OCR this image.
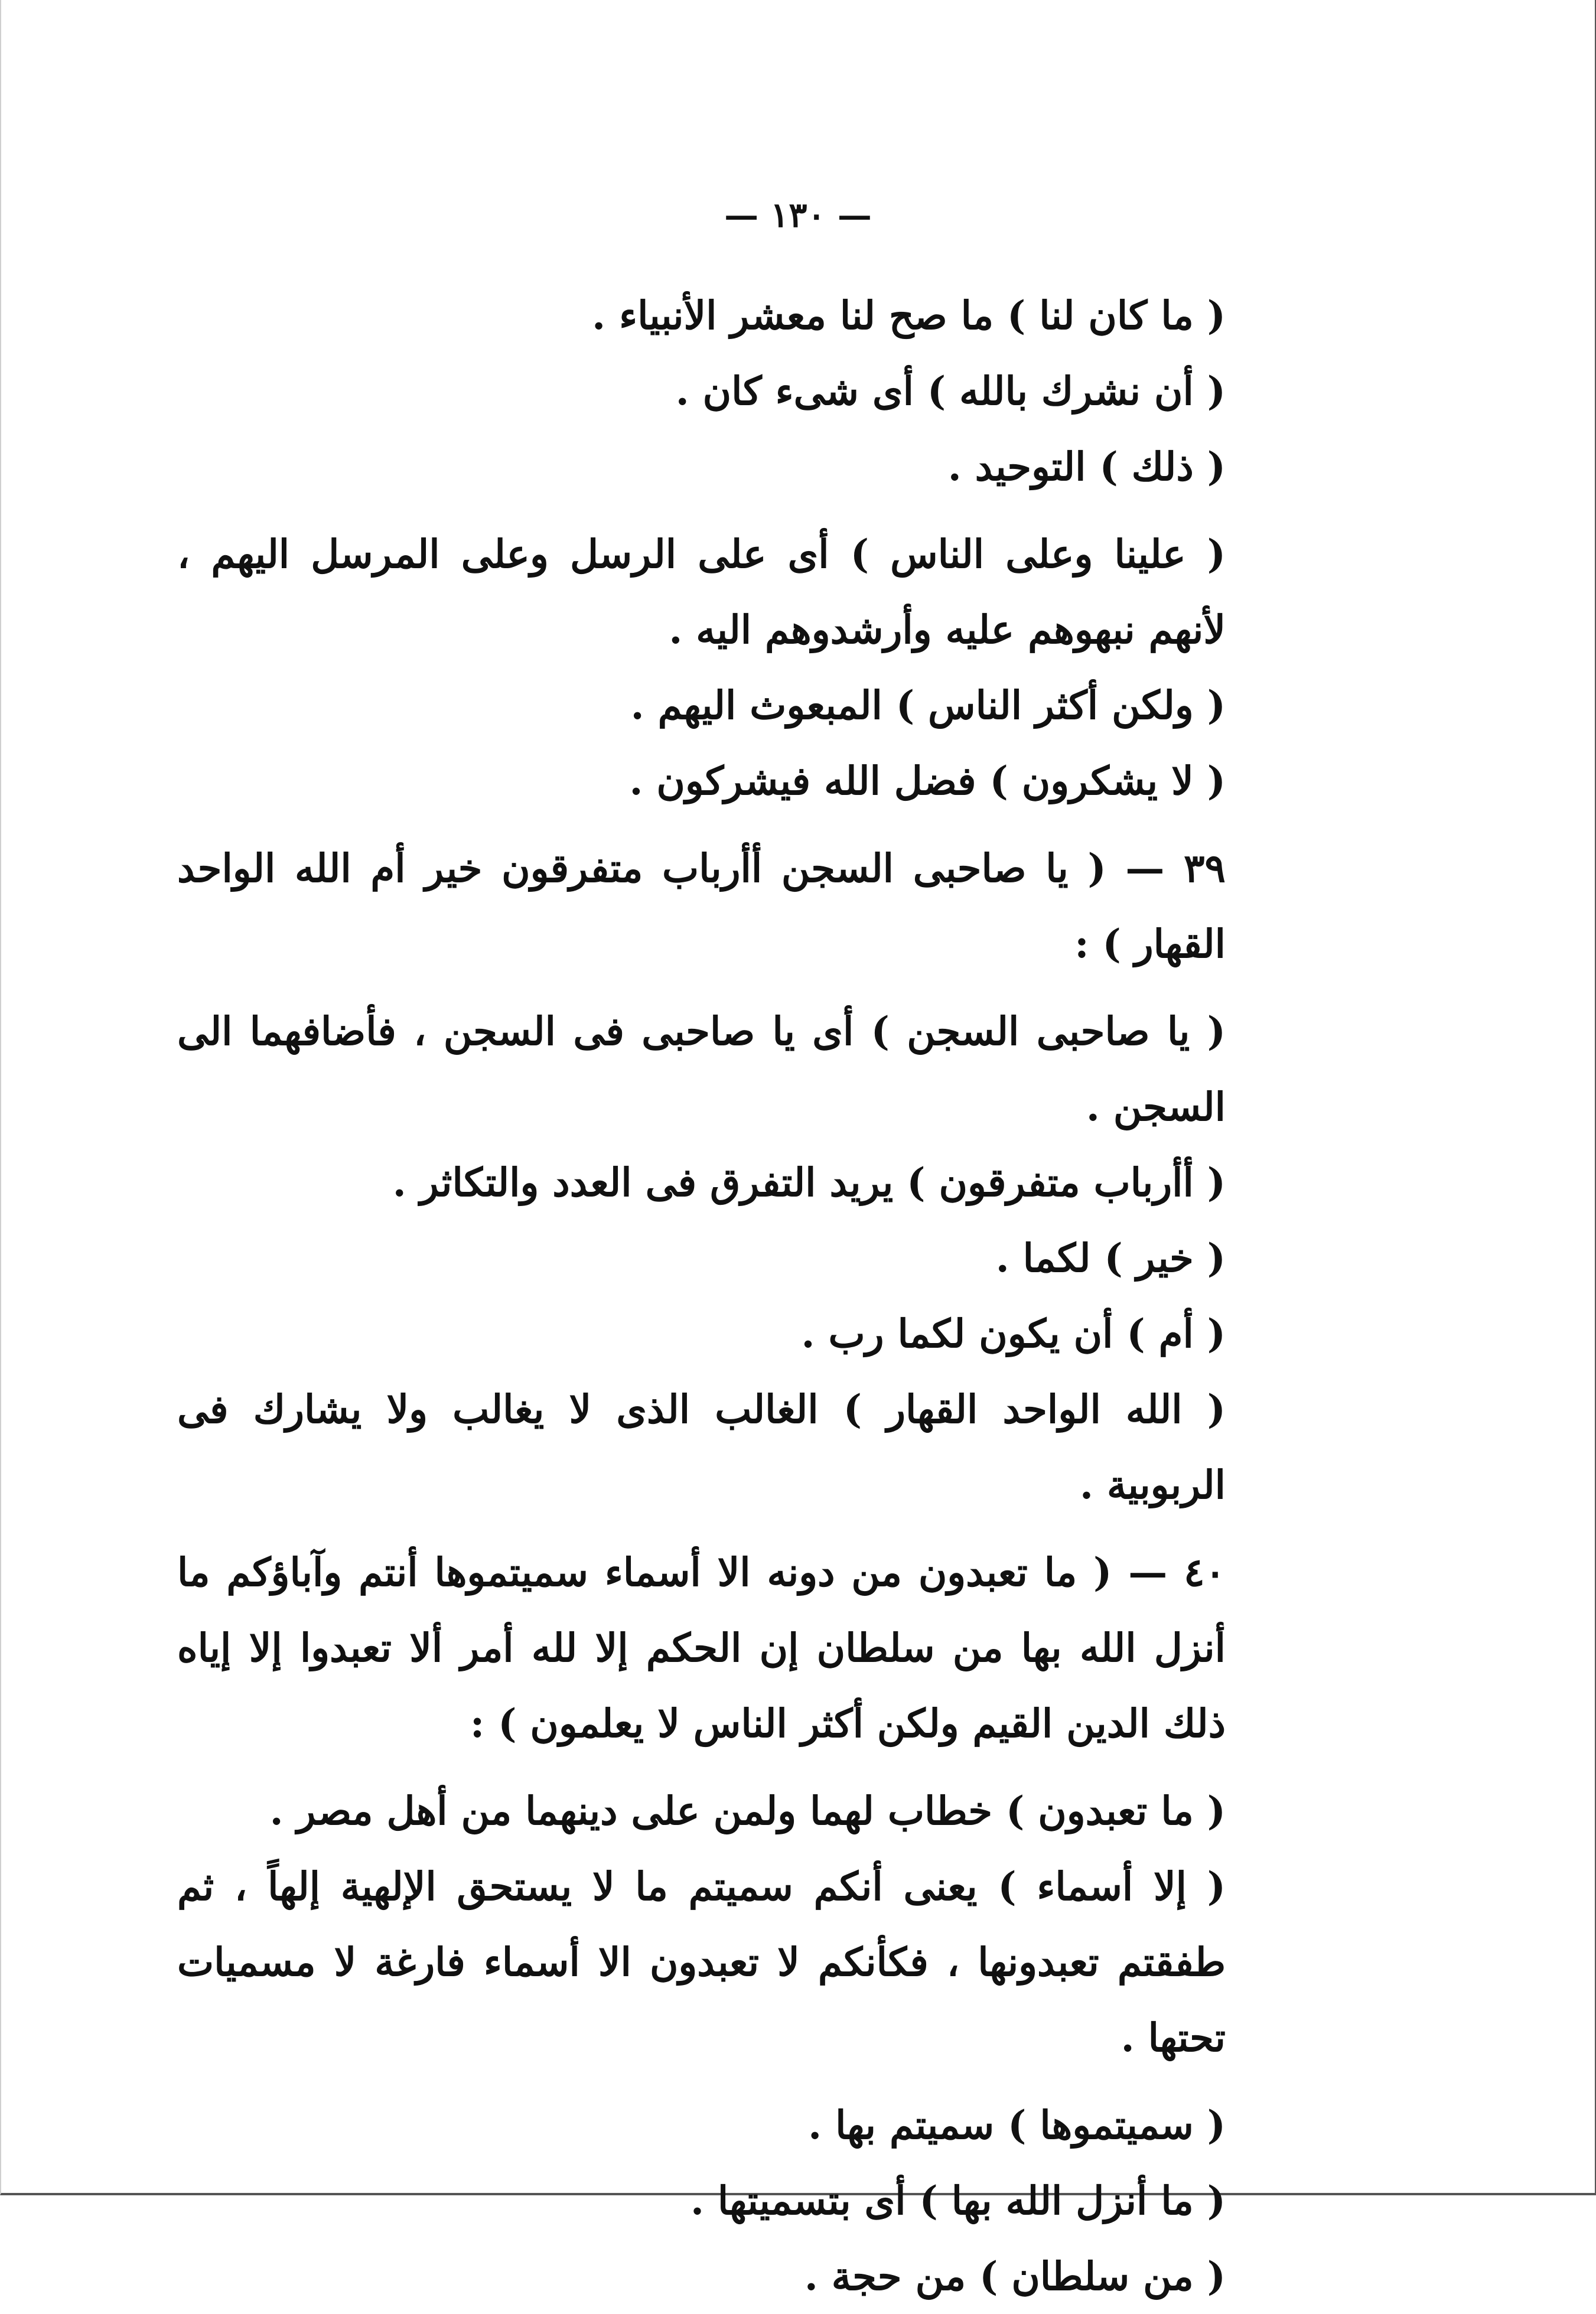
— ١٣٠ —

( ما كان لنا ) ما صح لنا معشر الأنبياء .

( أن نشرك بالله ) أى شىء كان .

( ذلك ) التوحيد .

( علينا وعلى الناس ) أى على الرسل وعلى المرسل اليهم ، لأنهم نبهوهم عليه وأرشدوهم اليه .

( ولكن أكثر الناس ) المبعوث اليهم .

( لا يشكرون ) فضل الله فيشركون .

٣٩ — ( يا صاحبى السجن أأرباب متفرقون خير أم الله الواحد القهار ) :

( يا صاحبى السجن ) أى يا صاحبى فى السجن ، فأضافهما الى السجن .

( أأرباب متفرقون ) يريد التفرق فى العدد والتكاثر .

( خير ) لكما .

( أم ) أن يكون لكما رب .

( الله الواحد القهار ) الغالب الذى لا يغالب ولا يشارك فى الربوبية .

٤٠ — ( ما تعبدون من دونه الا أسماء سميتموها أنتم وآباؤكم ما أنزل الله بها من سلطان إن الحكم إلا لله أمر ألا تعبدوا إلا إياه ذلك الدين القيم ولكن أكثر الناس لا يعلمون ) :

( ما تعبدون ) خطاب لهما ولمن على دينهما من أهل مصر .

( إلا أسماء ) يعنى أنكم سميتم ما لا يستحق الإلهية إلهاً ، ثم طفقتم تعبدونها ، فكأنكم لا تعبدون الا أسماء فارغة لا مسميات تحتها .

( سميتموها ) سميتم بها .

( ما أنزل الله بها ) أى بتسميتها .

( من سلطان ) من حجة .
